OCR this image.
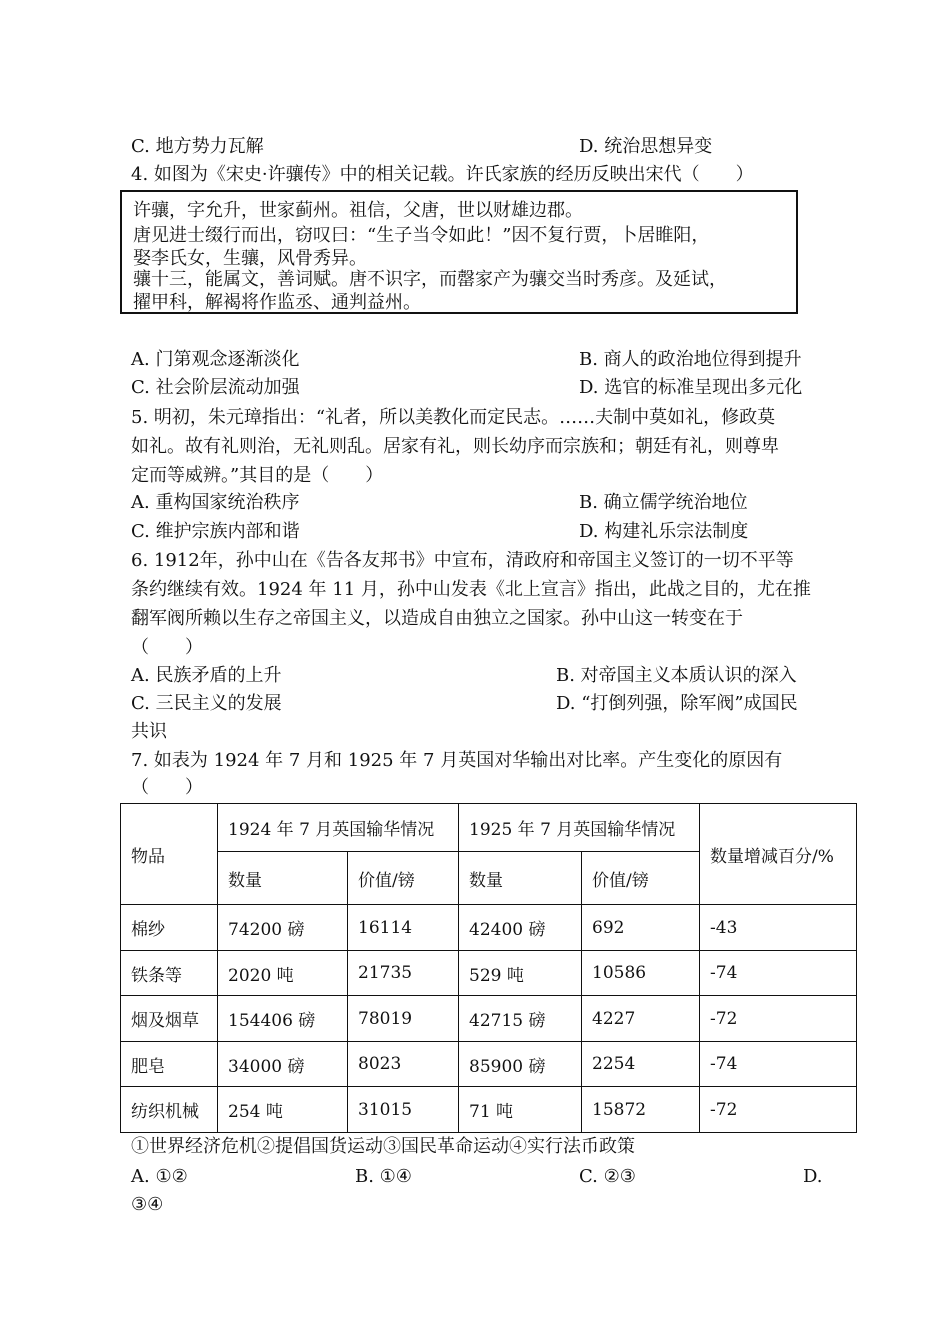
C. 地方势力瓦解	D. 统治思想异变
4. 如图为《宋史·许骧传》中的相关记载。许氏家族的经历反映出宋代（　　）
许骧，字允升，世家蓟州。祖信，父唐，世以财雄边郡。
唐见进士缀行而出，窃叹曰：“生子当令如此！”因不复行贾，卜居睢阳，
娶李氏女，生骧，风骨秀异。
骧十三，能属文，善词赋。唐不识字，而罄家产为骧交当时秀彦。及延试，
擢甲科，解褐将作监丞、通判益州。
A. 门第观念逐渐淡化	B. 商人的政治地位得到提升
C. 社会阶层流动加强	D. 选官的标准呈现出多元化
5. 明初，朱元璋指出：“礼者，所以美教化而定民志。……夫制中莫如礼，修政莫
如礼。故有礼则治，无礼则乱。居家有礼，则长幼序而宗族和；朝廷有礼，则尊卑
定而等威辨。”其目的是（　　）
A. 重构国家统治秩序	B. 确立儒学统治地位
C. 维护宗族内部和谐	D. 构建礼乐宗法制度
6. 1912年，孙中山在《告各友邦书》中宣布，清政府和帝国主义签订的一切不平等
条约继续有效。1924 年 11 月，孙中山发表《北上宣言》指出，此战之目的，尤在推
翻军阀所赖以生存之帝国主义，以造成自由独立之国家。孙中山这一转变在于
（　　）
A. 民族矛盾的上升	B. 对帝国主义本质认识的深入
C. 三民主义的发展	D. “打倒列强，除军阀”成国民
共识
7. 如表为 1924 年 7 月和 1925 年 7 月英国对华输出对比率。产生变化的原因有
（　　）
物品	1924 年 7 月英国输华情况		1925 年 7 月英国输华情况		数量增减百分/%
	数量	价值/镑	数量	价值/镑	
棉纱	74200 磅	16114	42400 磅	692	-43
铁条等	2020 吨	21735	529 吨	10586	-74
烟及烟草	154406 磅	78019	42715 磅	4227	-72
肥皂	34000 磅	8023	85900 磅	2254	-74
纺织机械	254 吨	31015	71 吨	15872	-72
①世界经济危机②提倡国货运动③国民革命运动④实行法币政策
A. ①②	B. ①④	C. ②③	D.
③④
